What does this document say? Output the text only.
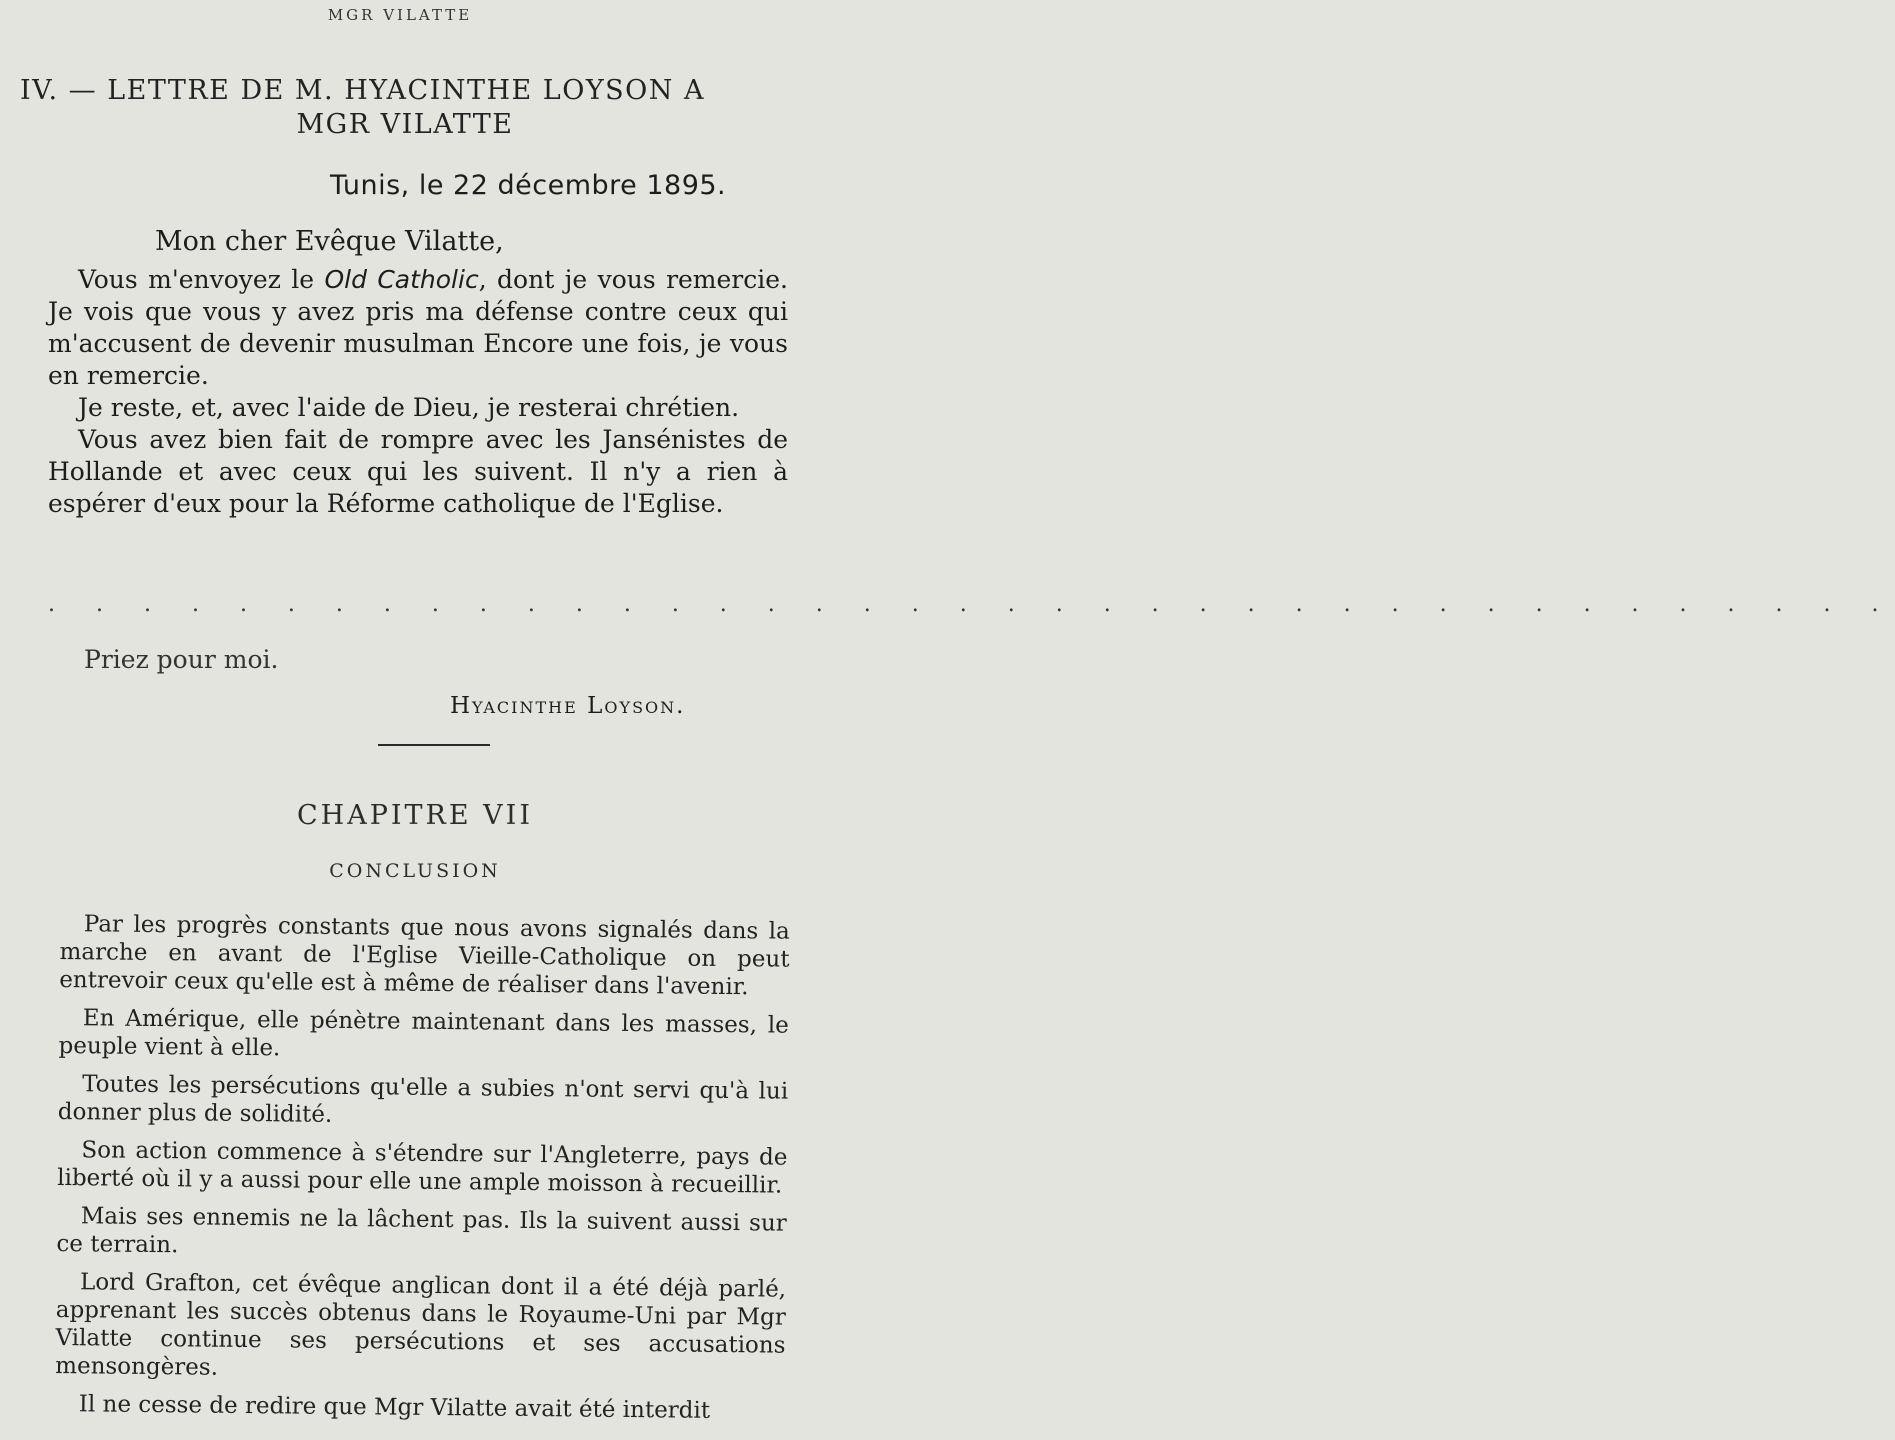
MGR VILATTE
IV. — LETTRE DE M. HYACINTHE LOYSON A
MGR VILATTE
Tunis, le 22 décembre 1895.
Mon cher Evêque Vilatte,

Vous m'envoyez le Old Catholic, dont je vous remercie. Je vois que vous y avez pris ma défense contre ceux qui m'accusent de devenir musulman Encore une fois, je vous en remercie.

Je reste, et, avec l'aide de Dieu, je resterai chrétien.

Vous avez bien fait de rompre avec les Jansénistes de Hollande et avec ceux qui les suivent. Il n'y a rien à espérer d'eux pour la Réforme catholique de l'Eglise.

. . . . . . . . . . . . . . . . . . . . . . . . . . . . . . . . . . . . . . .
Priez pour moi.
Hyacinthe Loyson.
CHAPITRE VII
CONCLUSION

Par les progrès constants que nous avons signalés dans la marche en avant de l'Eglise Vieille-Catholique on peut entrevoir ceux qu'elle est à même de réaliser dans l'avenir.

En Amérique, elle pénètre maintenant dans les masses, le peuple vient à elle.

Toutes les persécutions qu'elle a subies n'ont servi qu'à lui donner plus de solidité.

Son action commence à s'étendre sur l'Angleterre, pays de liberté où il y a aussi pour elle une ample moisson à recueillir.

Mais ses ennemis ne la lâchent pas. Ils la suivent aussi sur ce terrain.

Lord Grafton, cet évêque anglican dont il a été déjà parlé, apprenant les succès obtenus dans le Royaume-Uni par Mgr Vilatte continue ses persécutions et ses accusations mensongères.

Il ne cesse de redire que Mgr Vilatte avait été interdit
